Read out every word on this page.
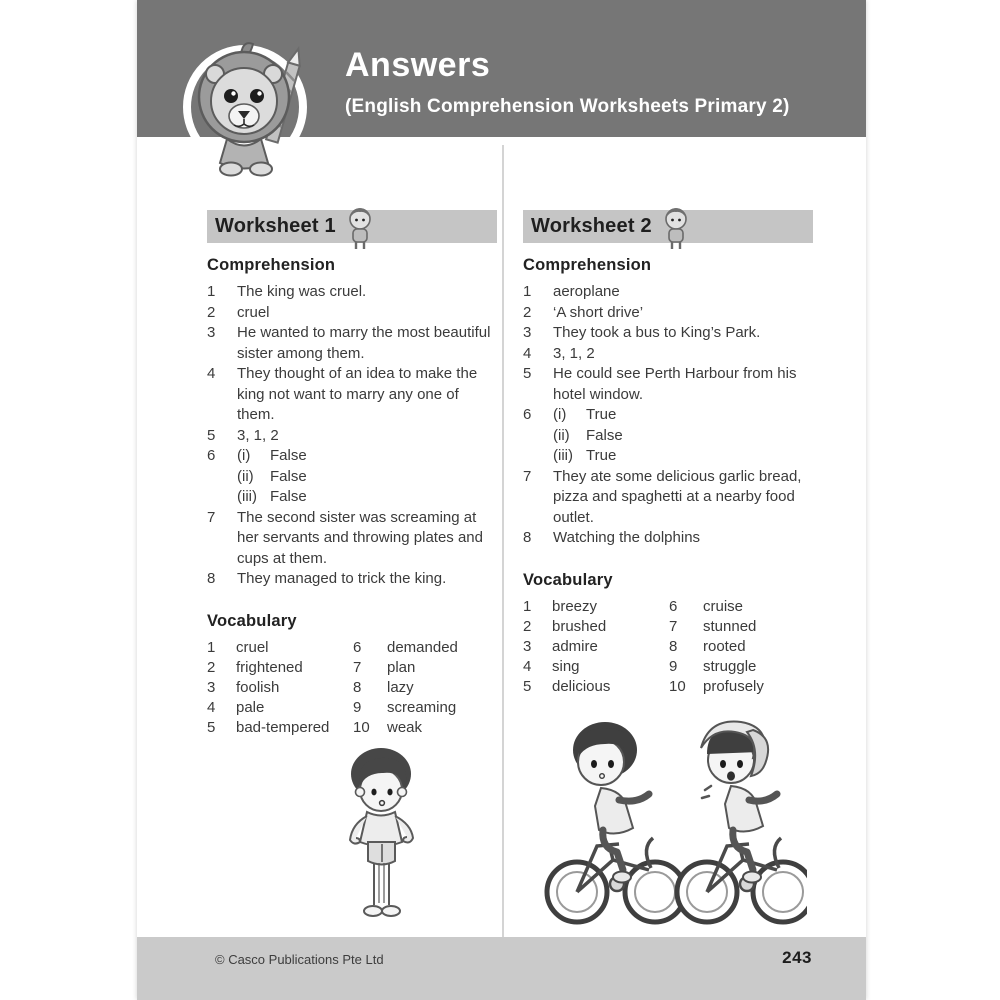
Answers
(English Comprehension Worksheets Primary 2)
Worksheet 1
Comprehension
1	The king was cruel.
2	cruel
3	He wanted to marry the most beautiful sister among them.
4	They thought of an idea to make the king not want to marry any one of them.
5	3, 1, 2
6	(i)	False
(ii)	False
(iii) False
7	The second sister was screaming at her servants and throwing plates and cups at them.
8	They managed to trick the king.
Vocabulary
1	cruel	6	demanded
2	frightened	7	plan
3	foolish	8	lazy
4	pale	9	screaming
5	bad-tempered	10	weak
Worksheet 2
Comprehension
1	aeroplane
2	‘A short drive’
3	They took a bus to King’s Park.
4	3, 1, 2
5	He could see Perth Harbour from his hotel window.
6	(i)	True
(ii)	False
(iii) True
7	They ate some delicious garlic bread, pizza and spaghetti at a nearby food outlet.
8	Watching the dolphins
Vocabulary
1	breezy	6	cruise
2	brushed	7	stunned
3	admire	8	rooted
4	sing	9	struggle
5	delicious	10	profusely
© Casco Publications Pte Ltd	243
